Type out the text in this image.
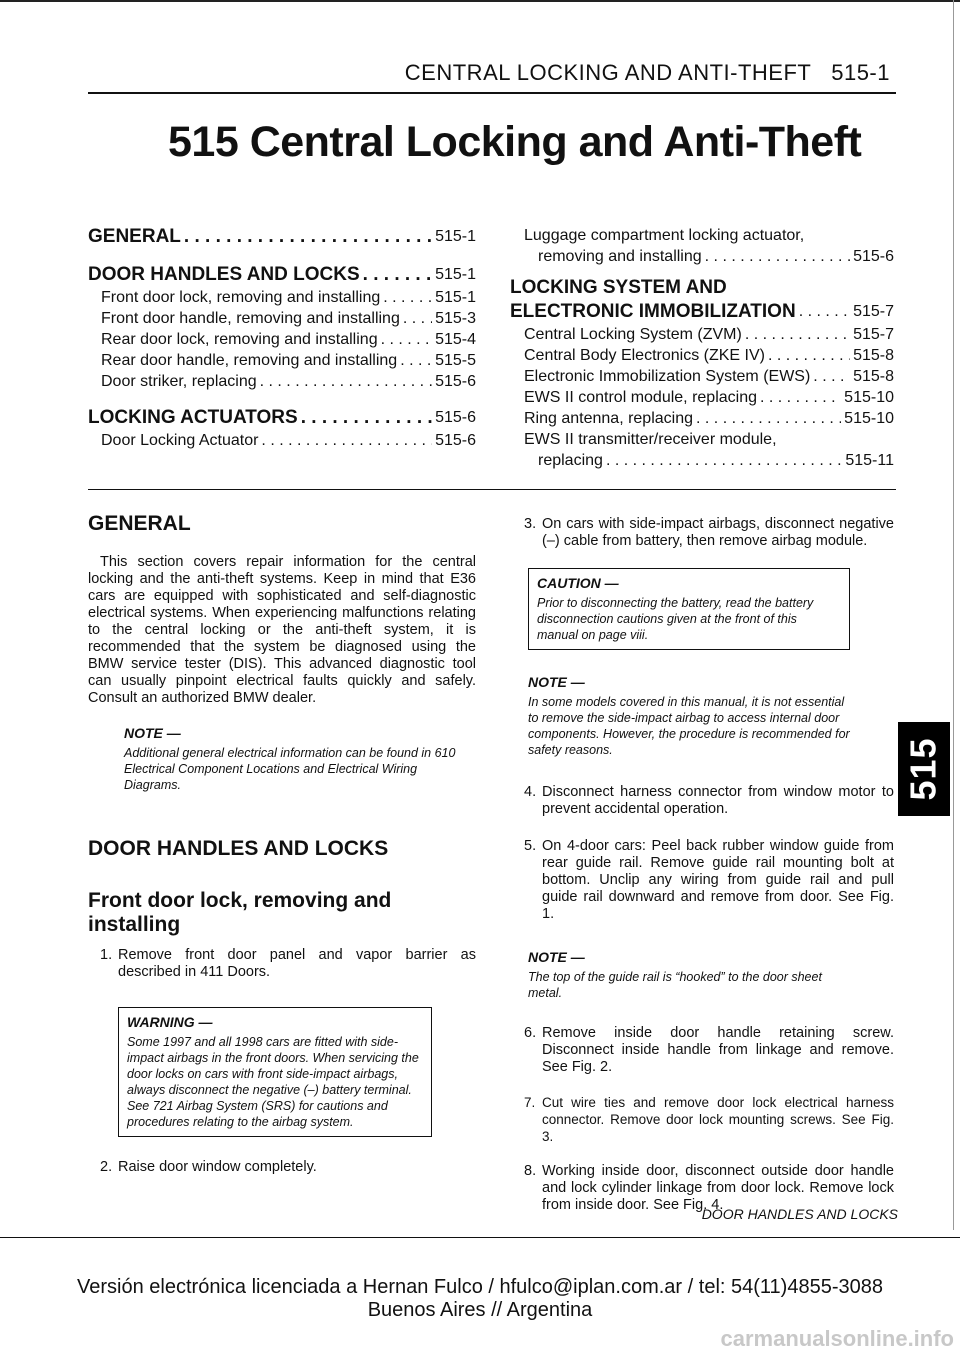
CENTRAL LOCKING AND ANTI-THEFT 515-1
515 Central Locking and Anti-Theft
GENERAL . . .	515-1
DOOR HANDLES AND LOCKS . . .	515-1
Front door lock, removing and installing . . .	515-1
Front door handle, removing and installing . . . 515-3
Rear door lock, removing and installing . . .	515-4
Rear door handle, removing and installing . . . 515-5
Door striker, replacing . . .	515-6
LOCKING ACTUATORS . . .	515-6
Door Locking Actuator . . .	515-6
Luggage compartment locking actuator,
removing and installing . . .	515-6
LOCKING SYSTEM AND
ELECTRONIC IMMOBILIZATION . . .	515-7
Central Locking System (ZVM) . . .	515-7
Central Body Electronics (ZKE IV) . . .	515-8
Electronic Immobilization System (EWS) . . .	515-8
EWS II control module, replacing . . .	515-10
Ring antenna, replacing . . .	515-10
EWS II transmitter/receiver module,
replacing . . .	515-11
GENERAL

This section covers repair information for the central locking and the anti-theft systems. Keep in mind that E36 cars are equipped with sophisticated and self-diagnostic electrical systems. When experiencing malfunctions relating to the central locking or the anti-theft system, it is recommended that the system be diagnosed using the BMW service tester (DIS). This advanced diagnostic tool can usually pinpoint electrical faults quickly and safely. Consult an authorized BMW dealer.

NOTE —
Additional general electrical information can be found in 610 Electrical Component Locations and Electrical Wiring Diagrams.
DOOR HANDLES AND LOCKS
Front door lock, removing and installing
1. Remove front door panel and vapor barrier as described in 411 Doors.
WARNING —
Some 1997 and all 1998 cars are fitted with side-impact airbags in the front doors. When servicing the door locks on cars with front side-impact airbags, always disconnect the negative (–) battery terminal. See 721 Airbag System (SRS) for cautions and procedures relating to the airbag system.
2. Raise door window completely.
3. On cars with side-impact airbags, disconnect negative (–) cable from battery, then remove airbag module.
CAUTION —
Prior to disconnecting the battery, read the battery disconnection cautions given at the front of this manual on page viii.
NOTE —
In some models covered in this manual, it is not essential to remove the side-impact airbag to access internal door components. However, the procedure is recommended for safety reasons.
4. Disconnect harness connector from window motor to prevent accidental operation.
5. On 4-door cars: Peel back rubber window guide from rear guide rail. Remove guide rail mounting bolt at bottom. Unclip any wiring from guide rail and pull guide rail downward and remove from door. See Fig. 1.
NOTE —
The top of the guide rail is “hooked” to the door sheet metal.
6. Remove inside door handle retaining screw. Disconnect inside handle from linkage and remove. See Fig. 2.
7. Cut wire ties and remove door lock electrical harness connector. Remove door lock mounting screws. See Fig. 3.
8. Working inside door, disconnect outside door handle and lock cylinder linkage from door lock. Remove lock from inside door. See Fig. 4.
515
DOOR HANDLES AND LOCKS
Versión electrónica licenciada a Hernan Fulco / hfulco@iplan.com.ar / tel: 54(11)4855-3088
Buenos Aires // Argentina
carmanualsonline.info
